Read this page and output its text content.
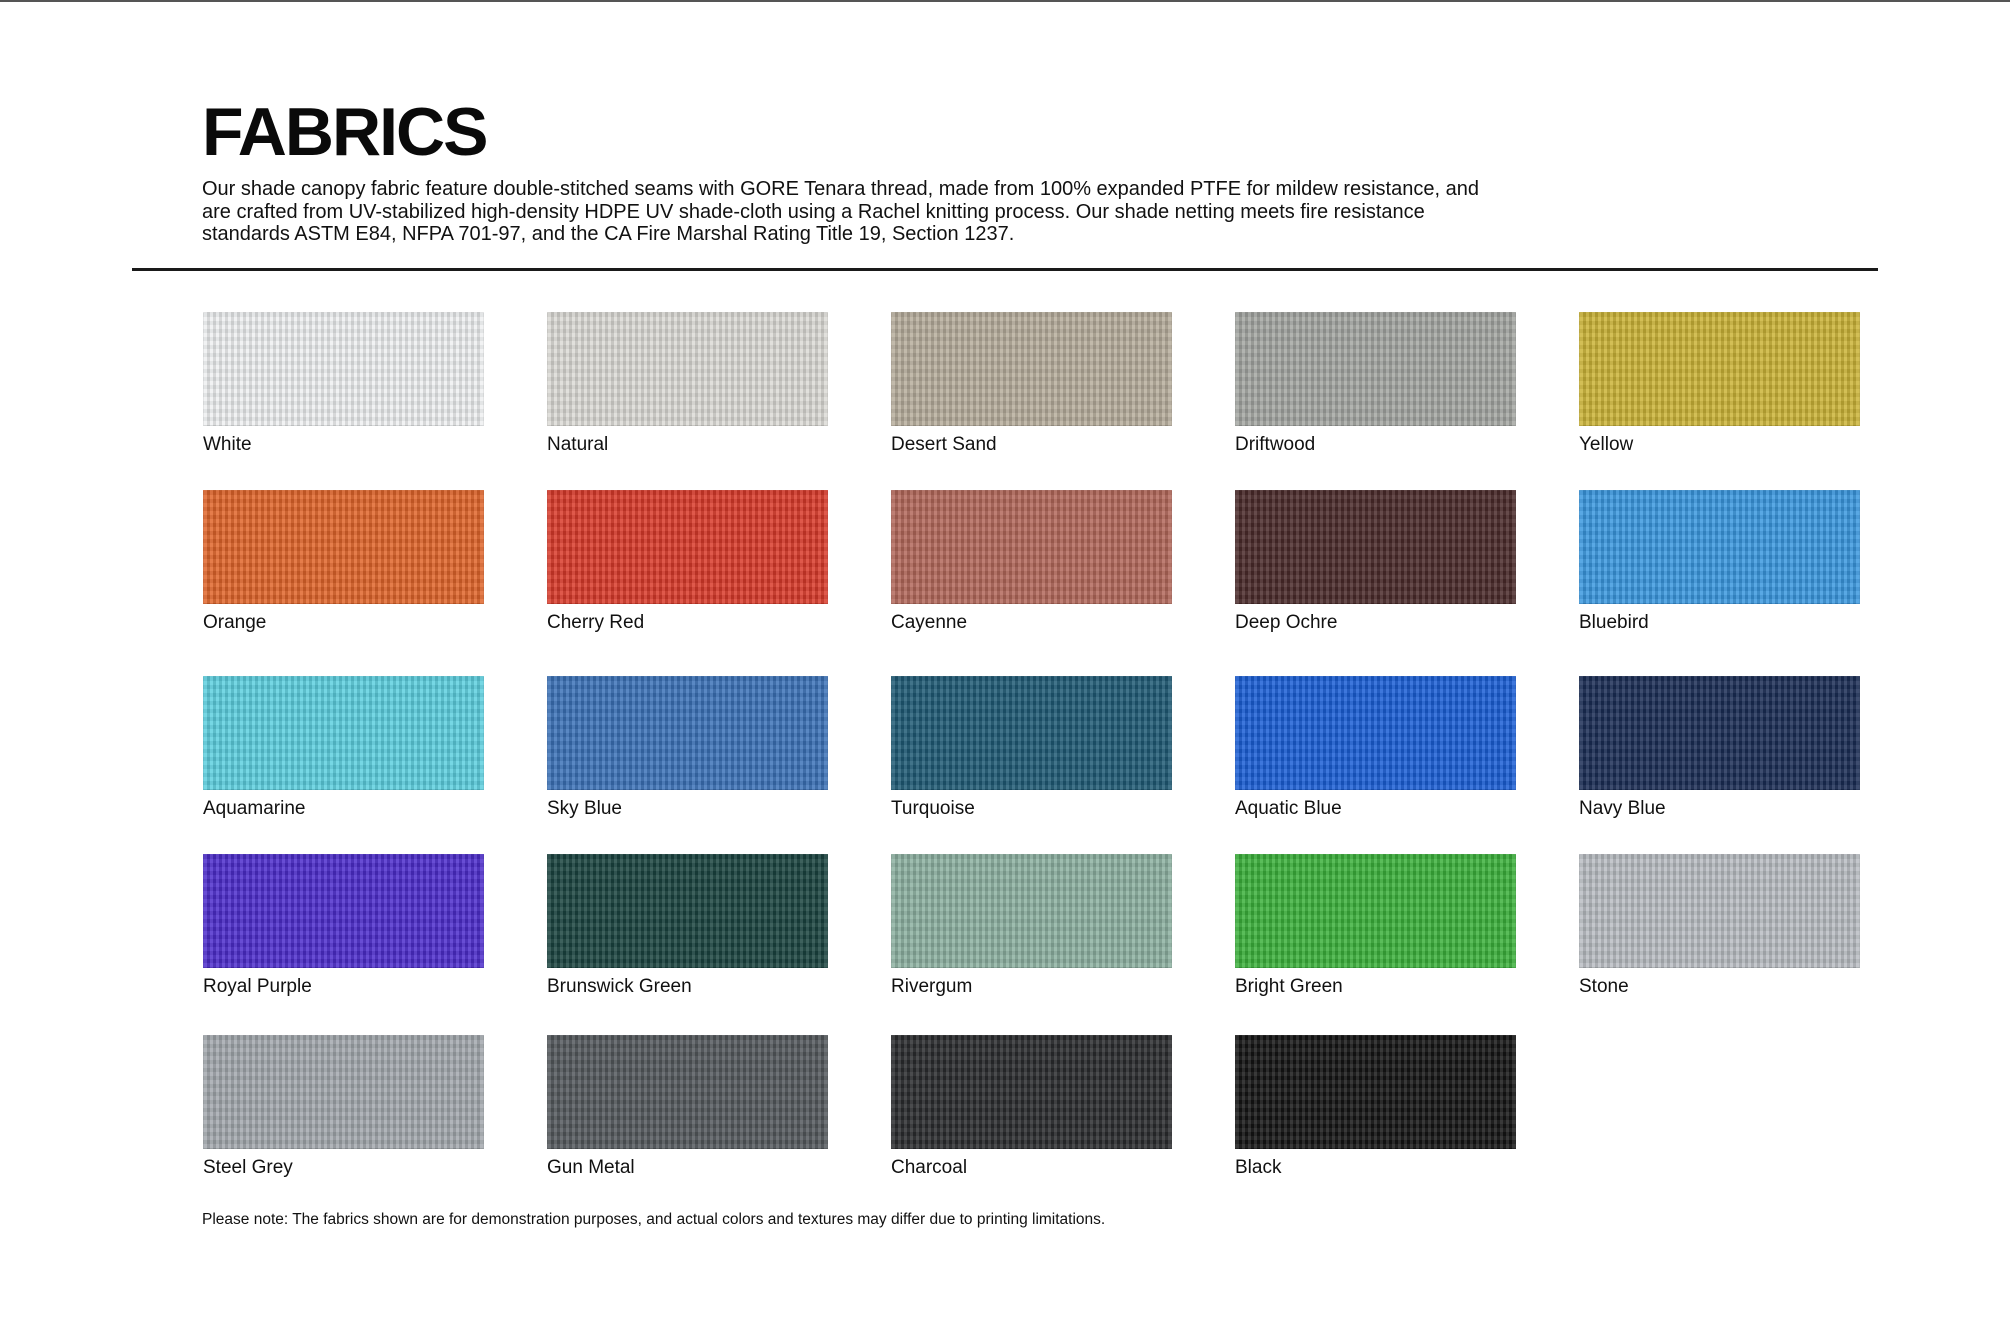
FABRICS

Our shade canopy fabric feature double-stitched seams with GORE Tenara thread, made from 100% expanded PTFE for mildew resistance, and are crafted from UV-stabilized high-density HDPE UV shade-cloth using a Rachel knitting process. Our shade netting meets fire resistance standards ASTM E84, NFPA 701-97, and the CA Fire Marshal Rating Title 19, Section 1237.

White	Natural	Desert Sand	Driftwood	Yellow
Orange	Cherry Red	Cayenne	Deep Ochre	Bluebird
Aquamarine	Sky Blue	Turquoise	Aquatic Blue	Navy Blue
Royal Purple	Brunswick Green	Rivergum	Bright Green	Stone
Steel Grey	Gun Metal	Charcoal	Black

Please note: The fabrics shown are for demonstration purposes, and actual colors and textures may differ due to printing limitations.
